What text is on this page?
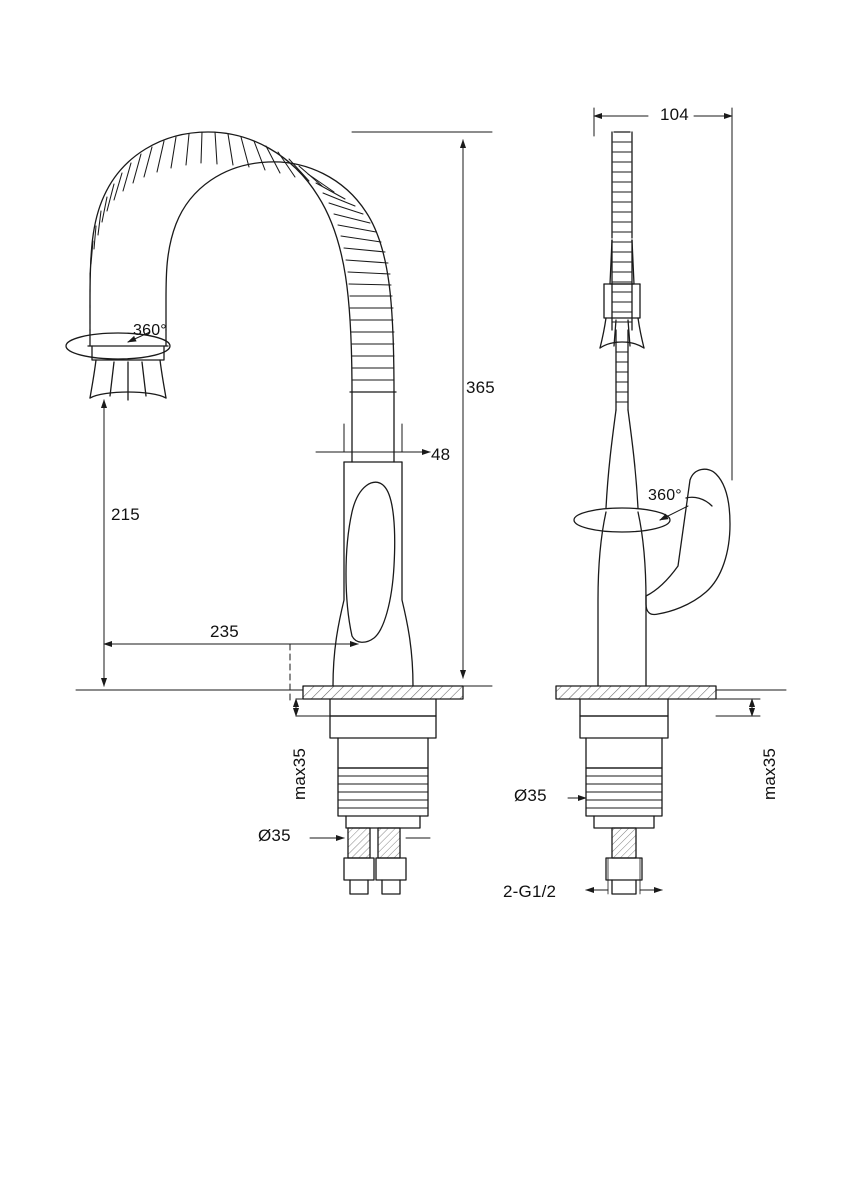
365
48
215
235
360°
max35
Ø35
104
360°
max35
Ø35
2-G1/2
